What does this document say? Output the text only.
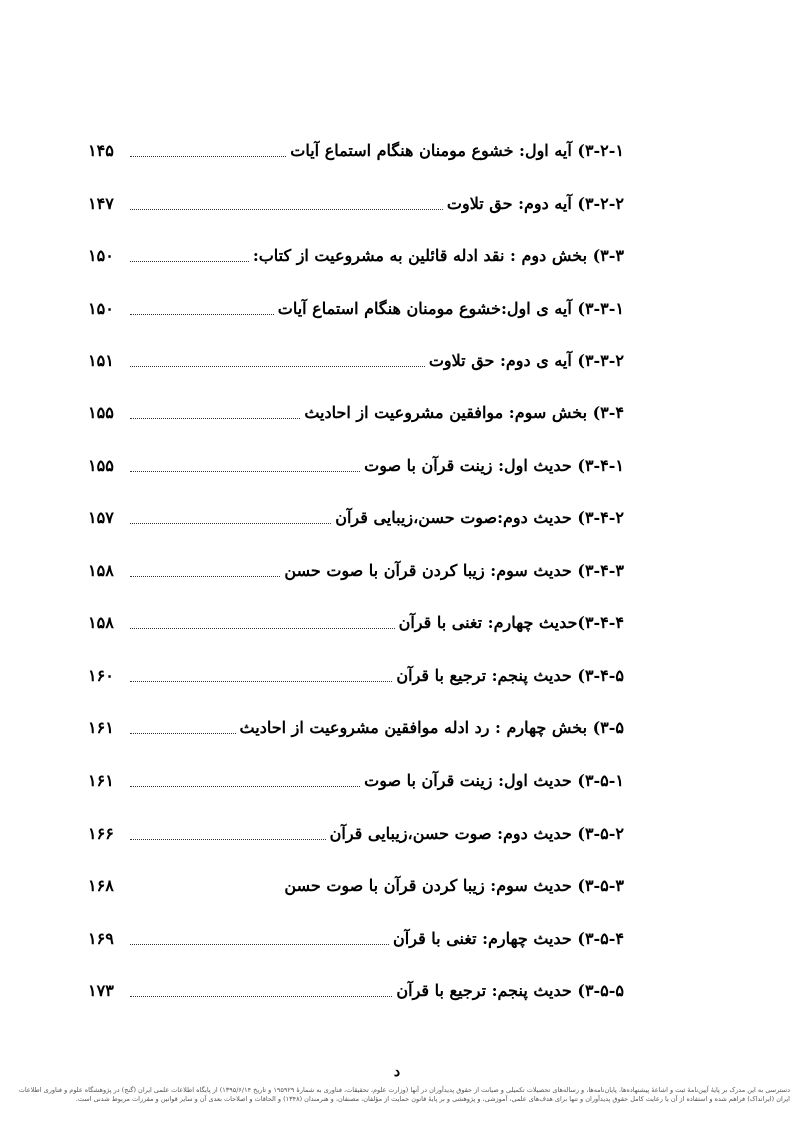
۳-۲-۱) آیه اول: خشوع مومنان هنگام استماع آیات
۱۴۵
۳-۲-۲) آیه دوم: حق تلاوت
۱۴۷
۳-۳) بخش دوم : نقد ادله قائلین به مشروعیت از کتاب:
۱۵۰
۳-۳-۱) آیه ی اول:خشوع مومنان هنگام استماع آیات
۱۵۰
۳-۳-۲) آیه ی دوم: حق تلاوت
۱۵۱
۳-۴) بخش سوم: موافقین مشروعیت از احادیث
۱۵۵
۳-۴-۱) حدیث اول: زینت قرآن با صوت
۱۵۵
۳-۴-۲) حدیث دوم:صوت حسن،زیبایی قرآن
۱۵۷
۳-۴-۳) حدیث سوم: زیبا کردن قرآن با صوت حسن
۱۵۸
۳-۴-۴)حدیث چهارم: تغنی با قرآن
۱۵۸
۳-۴-۵) حدیث پنجم: ترجیع با قرآن
۱۶۰
۳-۵) بخش چهارم : رد ادله موافقین مشروعیت از احادیث
۱۶۱
۳-۵-۱) حدیث اول: زینت قرآن با صوت
۱۶۱
۳-۵-۲) حدیث دوم: صوت حسن،زیبایی قرآن
۱۶۶
۳-۵-۳) حدیث سوم: زیبا کردن قرآن با صوت حسن
۱۶۸
۳-۵-۴) حدیث چهارم: تغنی با قرآن
۱۶۹
۳-۵-۵) حدیث پنجم: ترجیع با قرآن
۱۷۳
د
دسترسی به این مدرک بر پایهٔ آیین‌نامهٔ ثبت و اشاعهٔ پیشنهاده‌ها، پایان‌نامه‌ها، و رساله‌های تحصیلات تکمیلی و صیانت از حقوق پدیدآوران در آنها (وزارت علوم، تحقیقات، فناوری به شمارهٔ ۱۹۵۹۲۹ و تاریخ ۱۳۹۵/۶/۱۴) از پایگاه اطلاعات علمی ایران (گنج) در پژوهشگاه علوم و فناوری اطلاعات ایران (ایرانداک) فراهم شده و استفاده از آن با رعایت کامل حقوق پدیدآوران و تنها برای هدف‌های علمی، آموزشی، و پژوهشی و بر پایهٔ قانون حمایت از مؤلفان، مصنفان، و هنرمندان (۱۳۴۸) و الحاقات و اصلاحات بعدی آن و سایر قوانین و مقررات مربوط شدنی است.
